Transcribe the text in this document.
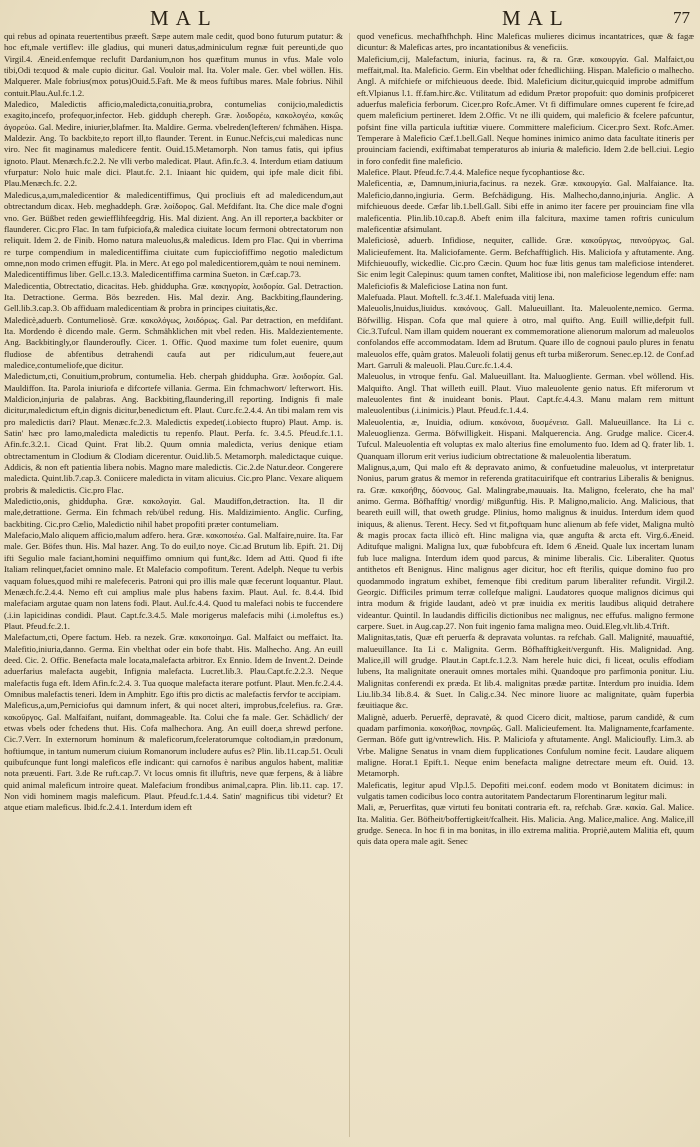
MAL	MAL	77

qui rebus ad opinata reuertentibus præeft. Sæpe autem male cedit, quod bono futurum putatur: & hoc eft,male vertiflev: ille gladius, qui muneri datus,adminiculum regnæ fuit pereunti,de quo Virgil.4. Æneid.enfemque reclufit Dardanium,non hos quæfitum munus in vfus. Male volo tibi,Odi te:quod & male cupio dicitur. Gal. Vouloir mal. Ita. Voler male. Ger. vbel wöllen. His. Malquerer. Male fobrius(mox potus)Ouid.5.Faft. Me & meos fuftibus mares. Male fobrius. Nihil contuit.Plau.Aul.fc.1.2.

Maledico, Maledictis afficio,maledicta,conuitia,probra, contumelias conijcio,maledictis exagito,incefo, profequor,infector. Heb. gidduph chereph. Græ. λοιδορέω, κακολογέω, κακῶς ἀγορεύω. Gal. Medire, iniurier,blafmer. Ita. Maldire. Germa. vbelreden(lefteren/ fchmähen. Hispa. Maldezir. Ang. To backbite,to report ill,to flaunder. Terent. in Eunuc.Nefcis,cui maledicas nunc viro. Nec fit maginamus maledicere fentit. Ouid.15.Metamorph. Non tamus fatis, qui ipfius ignoto. Plaut. Menæch.fc.2.2. Ne vlli verbo maledicat. Plaut. Afin.fc.3. 4. Interdum etiam datiuum vfurpatur: Nolo huic male dici. Plaut.fc. 2.1. Iniaant hic quidem, qui ipfe male dicit fibi. Plau.Menæch.fc. 2.2.

Maledicus,a,um,maledicentior & maledicentiffimus, Qui procliuis eft ad maledicendum,aut obtrectandum dicax. Heb. meghaddeph. Græ. λοίδορος. Gal. Mefdifant. Ita. Che dice male d'ogni vno. Ger. Büßbet reden gewiefflihfeegdrig. His. Mal dizient. Ang. An ill reporter,a backbiter or flaunderer. Cic.pro Flac. In tam fufpiciofa,& maledica ciuitate locum fermoni obtrectatorum non reliquit. Idem 2. de Finib. Homo natura maleuolus,& maledicus. Idem pro Flac. Qui in vberrima re turpe compendium in maledicentiffima ciuitate cum fupicciofiffimo negotio maledictum omne,non modo crimen effugit. Pla. in Merc. At ego pol maledicentiorem,quàm te noui neminem.

Maledicentiffimus liber. Gell.c.13.3. Maledicentiffima carmina Sueton. in Cæf.cap.73.

Maledicentia, Obtrectatio, dicacitas. Heb. ghiddupha. Græ. κακηγορία, λοιδορία. Gal. Detraction. Ita. Detractione. Germa. Bös bezreden. His. Mal dezir. Ang. Backbiting,flaundering. Gell.lib.3.cap.3. Ob affiduam maledicentiam & probra in principes ciuitatis,&c.

Maledicè,aduerb. Contumeliosè. Græ. κακολόγως, λοιδόρως. Gal. Par detraction, en mefdifant. Ita. Mordendo è dicendo male. Germ. Schmähklichen mit vbel reden. His. Maldezientemente. Ang. Backbitingly,or flaunderoufly. Cicer. 1. Offic. Quod maxime tum folet euenire, quum fludiose de abfentibus detrahendi caufa aut per ridiculum,aut feuere,aut maledice,contumeliofe,que dicitur.

Maledictum,cti, Conuitium,probrum, contumelia. Heb. cherpah ghiddupha. Græ. λοιδορία. Gal. Mauldiffon. Ita. Parola iniuriofa e difcortefe villania. Germa. Ein fchmachwort/ lefterwort. His. Maldicion,injuria de palabras. Ang. Backbiting,flaundering,ill reporting. Indignis fi male dicitur,maledictum eft,in dignis dicitur,benedictum eft. Plaut. Curc.fc.2.4.4. An tibi malam rem vis pro maledictis dari? Plaut. Menæc.fc.2.3. Maledictis expedet(.i.obiecto ftupro) Plaut. Amp. is. Satin' hæc pro lamo,maledicta maledictis tu repenfo. Plaut. Perfa. fc. 3.4.5. Pfeud.fc.1.1. Afin.fc.3.2.1. Cicad Quint. Frat lib.2. Quum omnia maledicta, verius denique etiam obtrectamentum in Clodium & Clodiam dicerentur. Ouid.lib.5. Metamorph. maledictaque cuique. Addicis, & non eft patientia libera nobis. Magno mare maledictis. Cic.2.de Natur.deor. Congerere maledicta. Quint.lib.7.cap.3. Coniicere maledicta in vitam alicuius. Cic.pro Planc. Vexare aliquem probris & maledictis. Cic.pro Flac.

Maledictio,onis, ghiddupha. Græ. κακολογία. Gal. Maudiffon,detraction. Ita. Il dir male,detrattione. Germa. Ein fchmach reb/übel redung. His. Maldizimiento. Anglic. Curfing, backbiting. Cic.pro Cælio, Maledictio nihil habet propofiti præter contumeliam.

Malefacio,Malo aliquem afficio,malum adfero. hera. Græ. κακοποιέω. Gal. Malfaire,nuire. Ita. Far male. Ger. Böfes thun. His. Mal hazer. Ang. To do euil,to noye. Cic.ad Brutum lib. Epift. 21. Dij ifti Segulio male faciant,homini nequiffimo omnium qui funt,&c. Idem ad Atti. Quod fi ifte Italiam relinquet,faciet omnino male. Et Malefacio compofitum. Terent. Adelph. Neque tu verbis vaquam folues,quod mihi re malefeceris. Patroni qui pro illis male quæ fecerunt loquantur. Plaut. Menæch.fc.2.4.4. Nemo eft cui amplius male plus habens faxim. Plaut. Aul. fc. 8.4.4. Ibid malefaciam argutae quam non latens fodi. Plaut. Aul.fc.4.4. Quod tu malefaci nobis te fuccendere (.i.in lapicidinas condidi. Plaut. Capt.fc.3.4.5. Male morigerus malefacis mihi (.i.moleftus es.) Plaut. Pfeud.fc.2.1.

Malefactum,cti, Opere factum. Heb. ra nezek. Græ. κακοποίημα. Gal. Malfaict ou meffaict. Ita. Malefitio,iniuria,danno. Germa. Ein vbelthat oder ein bofe thabt. His. Malhecho. Ang. An euill deed. Cic. 2. Offic. Benefacta male locata,malefacta arbitror. Ex Ennio. Idem de Invent.2. Deinde aduerfarius malefacta augebit, Infignia malefacta. Lucret.lib.3. Plau.Capt.fc.2.2.3. Neque malefactis fuga eft. Idem Afin.fc.2.4. 3. Tua quoque malefacta iterare potfunt. Plaut. Men.fc.2.4.4. Omnibus malefactis teneri. Idem in Amphitr. Ego iftis pro dictis ac malefactis fervfor te accipiam.

Maleficus,a,um,Perniciofus qui damnum infert, & qui nocet alteri, improbus,fcelefius. ra. Græ. κακοῦργος. Gal. Malfaifant, nuifant, dommageable. Ita. Colui che fa male. Ger. Schädlich/ der etwas vbels oder fchedens thut. His. Cofa malhechora. Ang. An euill doer,a shrewd perfone. Cic.7.Verr. In externorum hominum & maleficorum,fceleratorumque coltodiam,in prædonum, hoftiumque, in tantum numerum ciuium Romanorum includere aufus es? Plin. lib.11.cap.51. Oculi quibufcunque funt longi maleficos efle indicant: qui carnofos è naribus angulos habent, malitiæ nota præuenti. Fart. 3.de Re ruft.cap.7. Vt locus omnis fit illuftris, neve quæ ferpens, & à liàbre quid animal maleficum introire queat. Malefacium frondibus animal,capra. Plin. lib.11. cap. 17. Non vidi hominem magis maleficum. Plaut. Pfeud.fc.1.4.4. Satin' magnificus tibi videtur? Et atque etiam maleficus. Ibid.fc.2.4.1. Interdum idem eft

quod veneficus. mechafhfhchph. Hinc Maleficas mulieres dicimus incantatrices, quæ & fagæ dicuntur: & Maleficas artes, pro incantationibus & veneficiis.

Maleficium,cij, Malefactum, iniuria, facinus. ra, & ra. Græ. κακουργία. Gal. Malfaict,ou meffait,mal. Ita. Maleficio. Germ. Ein vbelthat oder fchedlichiing. Hispan. Maleficio o malhecho. Angl. A mifchiefe or mifchieuous deede. Ibid. Maleficium dicitur,quicquid improbe admiffum eft.Vlpianus l.1. ff.fam.hirc.&c. Vtilitatum ad edidum Prætor propofuit: quo dominis profpiceret aduerfus maleficia ferborum. Cicer.pro Rofc.Amer. Vt fi diffimulare omnes cuperent fe fcire,ad quem maleficium pertineret. Idem 2.Offic. Vt ne illi quidem, qui maleficio & fcelere pafcuntur, pofsint fine villa particula iuftitiæ viuere. Committere maleficium. Cicer.pro Sext. Rofc.Amer. Temperare à Maleficio Cæf.1.bell.Gall. Neque homines inimico animo data facultate itineris per prouinciam faciendi, exiftimabat temperaturos ab iniuria & maleficio. Idem 2.de bell.ciui. Legio in foro confedit fine maleficio.

Malefice. Plaut. Pfeud.fc.7.4.4. Malefice neque fycophantiose &c.

Maleficentia, æ, Damnum,iniuria,facinus. ra nezek. Græ. κακουργία. Gal. Malfaiance. Ita. Maleficio,danno,ingiuria. Germ. Befchädigung. His. Malhecho,danno,injuria. Anglic. A mifchieuous deede. Cæfar lib.1.bell.Gall. Sibi effe in animo iter facere per prouinciam fine vlla maleficentia. Plin.lib.10.cap.8. Abeft enim illa falcitura, maxime tamen roftris cuniculum maleficentiæ afsimulant.

Maleficiosè, aduerb. Infidiose, nequiter, callide. Græ. κακοῦργως, πανούργως. Gal. Malicieufement. Ita. Maliciofamente. Germ. Befchafftiglich. His. Maliciofa y aftutamente. Ang. Mifchieuoufly, wickedlie. Cic.pro Cæcin. Quum hoc fuæ litis genus tam maleficiose intenderet. Sic enim legit Calepinus: quum tamen conftet, Malitiose ibi, non maleficiose legendum effe: nam Maleficiofis & Maleficiose Latina non funt.

Malefuada. Plaut. Moftell. fc.3.4f.1. Malefuada vitij lena.

Maleuolis,lnuidus,liuidus. κακόνους. Gall. Malueuillant. Ita. Maleuolente,nemico. Germa. Böfwillig. Hispan. Cofa que mal quiere à otro, mal quifto. Ang. Euill willie,defpit full. Cic.3.Tufcul. Nam illam quidem nouerant ex commemoratione alienorum malorum ad maleuolos confolandos effe accommodatam. Idem ad Brutum. Quare illo de cognoui paulo plures in fenatu maleuolos effe, quàm gratos. Maleuoli folatij genus eft turba mißerorum. Senec.ep.12. de Conf.ad Mart. Garruli & maleuoli. Plau.Curc.fc.1.4.4.

Maleuolus, in vtroque fenfu. Gal. Malueuillant. Ita. Maluogliente. German. vbel wöllend. His. Malquifto. Angl. That willeth euill. Plaut. Viuo maleuolente genio natus. Eft miferorum vt maleuolentes fint & inuideant bonis. Plaut. Capt.fc.4.4.3. Manu malam rem mittunt maleuolentibus (.i.inimicis.) Plaut. Pfeud.fc.1.4.4.

Maleuolentia, æ, Inuidia, odium. κακόνοια, δυσμένεια. Gall. Malueuillance. Ita Li c. Maleuoglienza. Germa. Böfwilligkeit. Hispani. Malquerencia. Ang. Grudge malice. Cicer.4. Tufcul. Maleuolentia eft voluptas ex malo alterius fine emolumento fuo. Idem ad Q. frater lib. 1. Quanquam illorum erit verius iudicium obtrectatione & maleuolentia liberatum.

Malignus,a,um, Qui malo eft & depravato animo, & confuetudine maleuolus, vt interpretatur Nonius, parum gratus & memor in referenda gratitacuirifque eft contrarius Liberalis & benignus. ra. Græ. κακοήθης, δύσνους. Gal. Malingrabe,mauuais. Ita. Maligno, fcelerato, che ha mal' animo. Germa. Böfhafftig/ vnordig/ mißgunftig. His. P. Maligno,malicio. Ang. Malicious, that beareth euill will, that oweth grudge. Plinius, homo malignus & inuidus. Interdum idem quod iniquus, & alienus. Terent. Hecy. Sed vt fit,poftquam hunc alienum ab fefe videt, Maligna multò & magis procax facta illicò eft. Hinc maligna via, quæ angufta & arcta eft. Virg.6.Æneid. Aditufque maligni. Maligna lux, quæ fubobfcura eft. Idem 6 Æneid. Quale lux incertam lunam fub luce maligna. Interdum idem quod parcus, & minime liberalis. Cic. Liberaliter. Quotus antithetos eft Benignus. Hinc malignus ager dicitur, hoc eft fterilis, quique domino fuo pro quodammodo ingratum exhibet, femenque fibi creditum parum liberaliter refundit. Virgil.2. Georgic. Difficiles primum terræ collefque maligni. Laudatores quoque malignos dicimus qui intra modum & frigide laudant, adeò vt præ inuidia ex meritis laudibus aliquid detrahere videantur. Quintil. In laudandis difficilis dictionibus nec malignus, nec effufus. maligno fermone carpere. Suet. in Aug.cap.27. Non fuit ingenio fama maligna meo. Ouid.Eleg.vlt.lib.4.Trift.

Malignitas,tatis, Quæ eft peruerfa & depravata voluntas. ra refchab. Gall. Malignité, mauuaftié, malueuillance. Ita Li c. Malignita. Germ. Böfhafftigkeit/vergunft. His. Malignidad. Ang. Malice,ill will grudge. Plaut.in Capt.fc.1.2.3. Nam herele huic dici, fi liceat, oculis effodiam lubens, Ita malignitate onerauit omnes mortales mihi. Quandoque pro parfimonia ponitur. Liu. Malignitas conferendi ex præda. Et lib.4. malignitas prædæ partitæ. Interdum pro inuidia. Idem Liu.lib.34 lib.8.4. & Suet. In Calig.c.34. Nec minore liuore ac malignitate, quàm fuperbia fæuitiaque &c.

Malignè, aduerb. Peruerfè, depravatè, & quod Cicero dicit, maltiose, parum candidè, & cum quadam parfimonia. κακοήθως, πονηρῶς. Gall. Malicieufement. Ita. Malignamente,fcarfamente. German. Böfe gutt ig/vntrewlich. His. P. Maliciofa y aftutamente. Angl. Malicioufly. Lim.3. ab Vrbe. Maligne Senatus in vnam diem fupplicationes Confulum nomine fecit. Laudare aliquem maligne. Horat.1 Epift.1. Neque enim benefacta maligne detrectare meum eft. Ouid. 13. Metamorph.

Maleficatis, legitur apud Vlp.l.5. Depofiti mei.conf. eodem modo vt Bonitatem dicimus: in vulgatis tamen codicibus loco contra autoritatem Pandectarum Florentinarum legitur mali.

Mali, æ, Peruerfitas, quæ virtuti feu bonitati contraria eft. ra, refchab. Græ. κακία. Gal. Malice. Ita. Malitia. Ger. Böfheit/boffertigkeit/fcalheit. His. Malicia. Ang. Malice,malice. Ang. Malice,ill grudge. Seneca. In hoc fi in ma bonitas, in illo extrema malitia. Propriè,autem Malitia eft, quum quis data opera male agit. Senec
